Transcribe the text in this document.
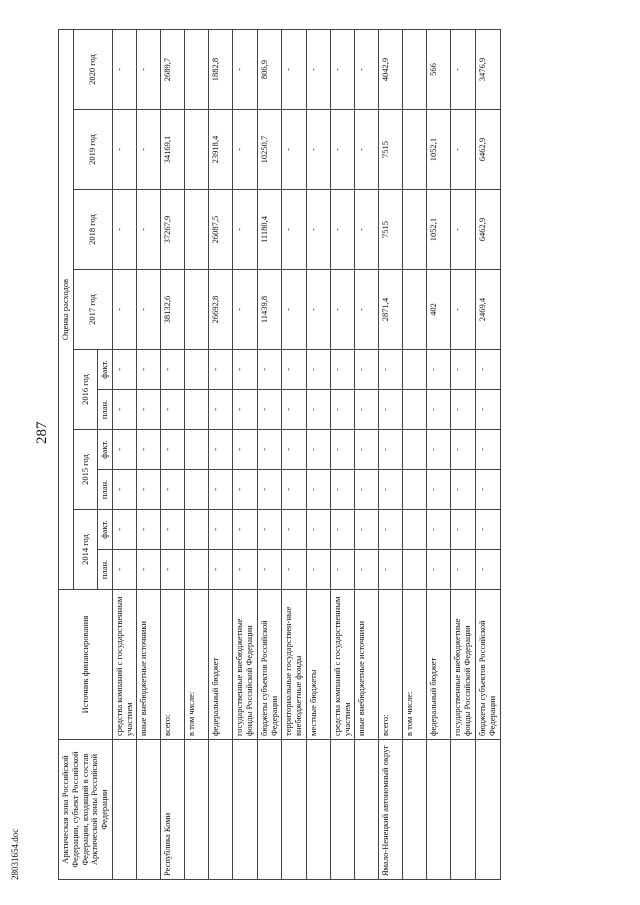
287
28031654.doc	Арктическая зона Российской Федерации, субъект Российской Федерации, входящий в состав Арктической зоны Российской Федерации	Источник финансирования	Оценка расходов									
		2014 год		2015 год		2016 год		2017 год	2018 год	2019 год	2020 год
		план.	факт.	план.	факт.	план.	факт.				
	средства компаний с государственным участием	-	-	-	-	-	-	-	-	-	-
	иные внебюджетные источники	-	-	-	-	-	-	-	-	-	-
Республика Коми	всего:	-	-	-	-	-	-	38132,6	37267,9	34169,1	2689,7
	в том числе:										
	федеральный бюджет	-	-	-	-	-	-	26692,8	26087,5	23918,4	1882,8
	государственные внебюджетные фонды Российской Федерации	-	-	-	-	-	-	-	-	-	-
	бюджеты субъектов Российской Федерации	-	-	-	-	-	-	11439,8	11180,4	10250,7	806,9
	территориальные государствен-ные внебюджетные фонды	-	-	-	-	-	-	-	-	-	-
	местные бюджеты	-	-	-	-	-	-	-	-	-	-
	средства компаний с государственным участием	-	-	-	-	-	-	-	-	-	-
	иные внебюджетные источники	-	-	-	-	-	-	-	-	-	-
Ямало-Ненецкий автономный округ	всего:	-	-	-	-	-	-	2871,4	7515	7515	4042,9
	в том числе:										
	федеральный бюджет	-	-	-	-	-	-	402	1052,1	1052,1	566
	государственные внебюджетные фонды Российской Федерации	-	-	-	-	-	-	-	-	-	-
	бюджеты субъектов Российской Федерации	-	-	-	-	-	-	2469,4	6462,9	6462,9	3476,9
